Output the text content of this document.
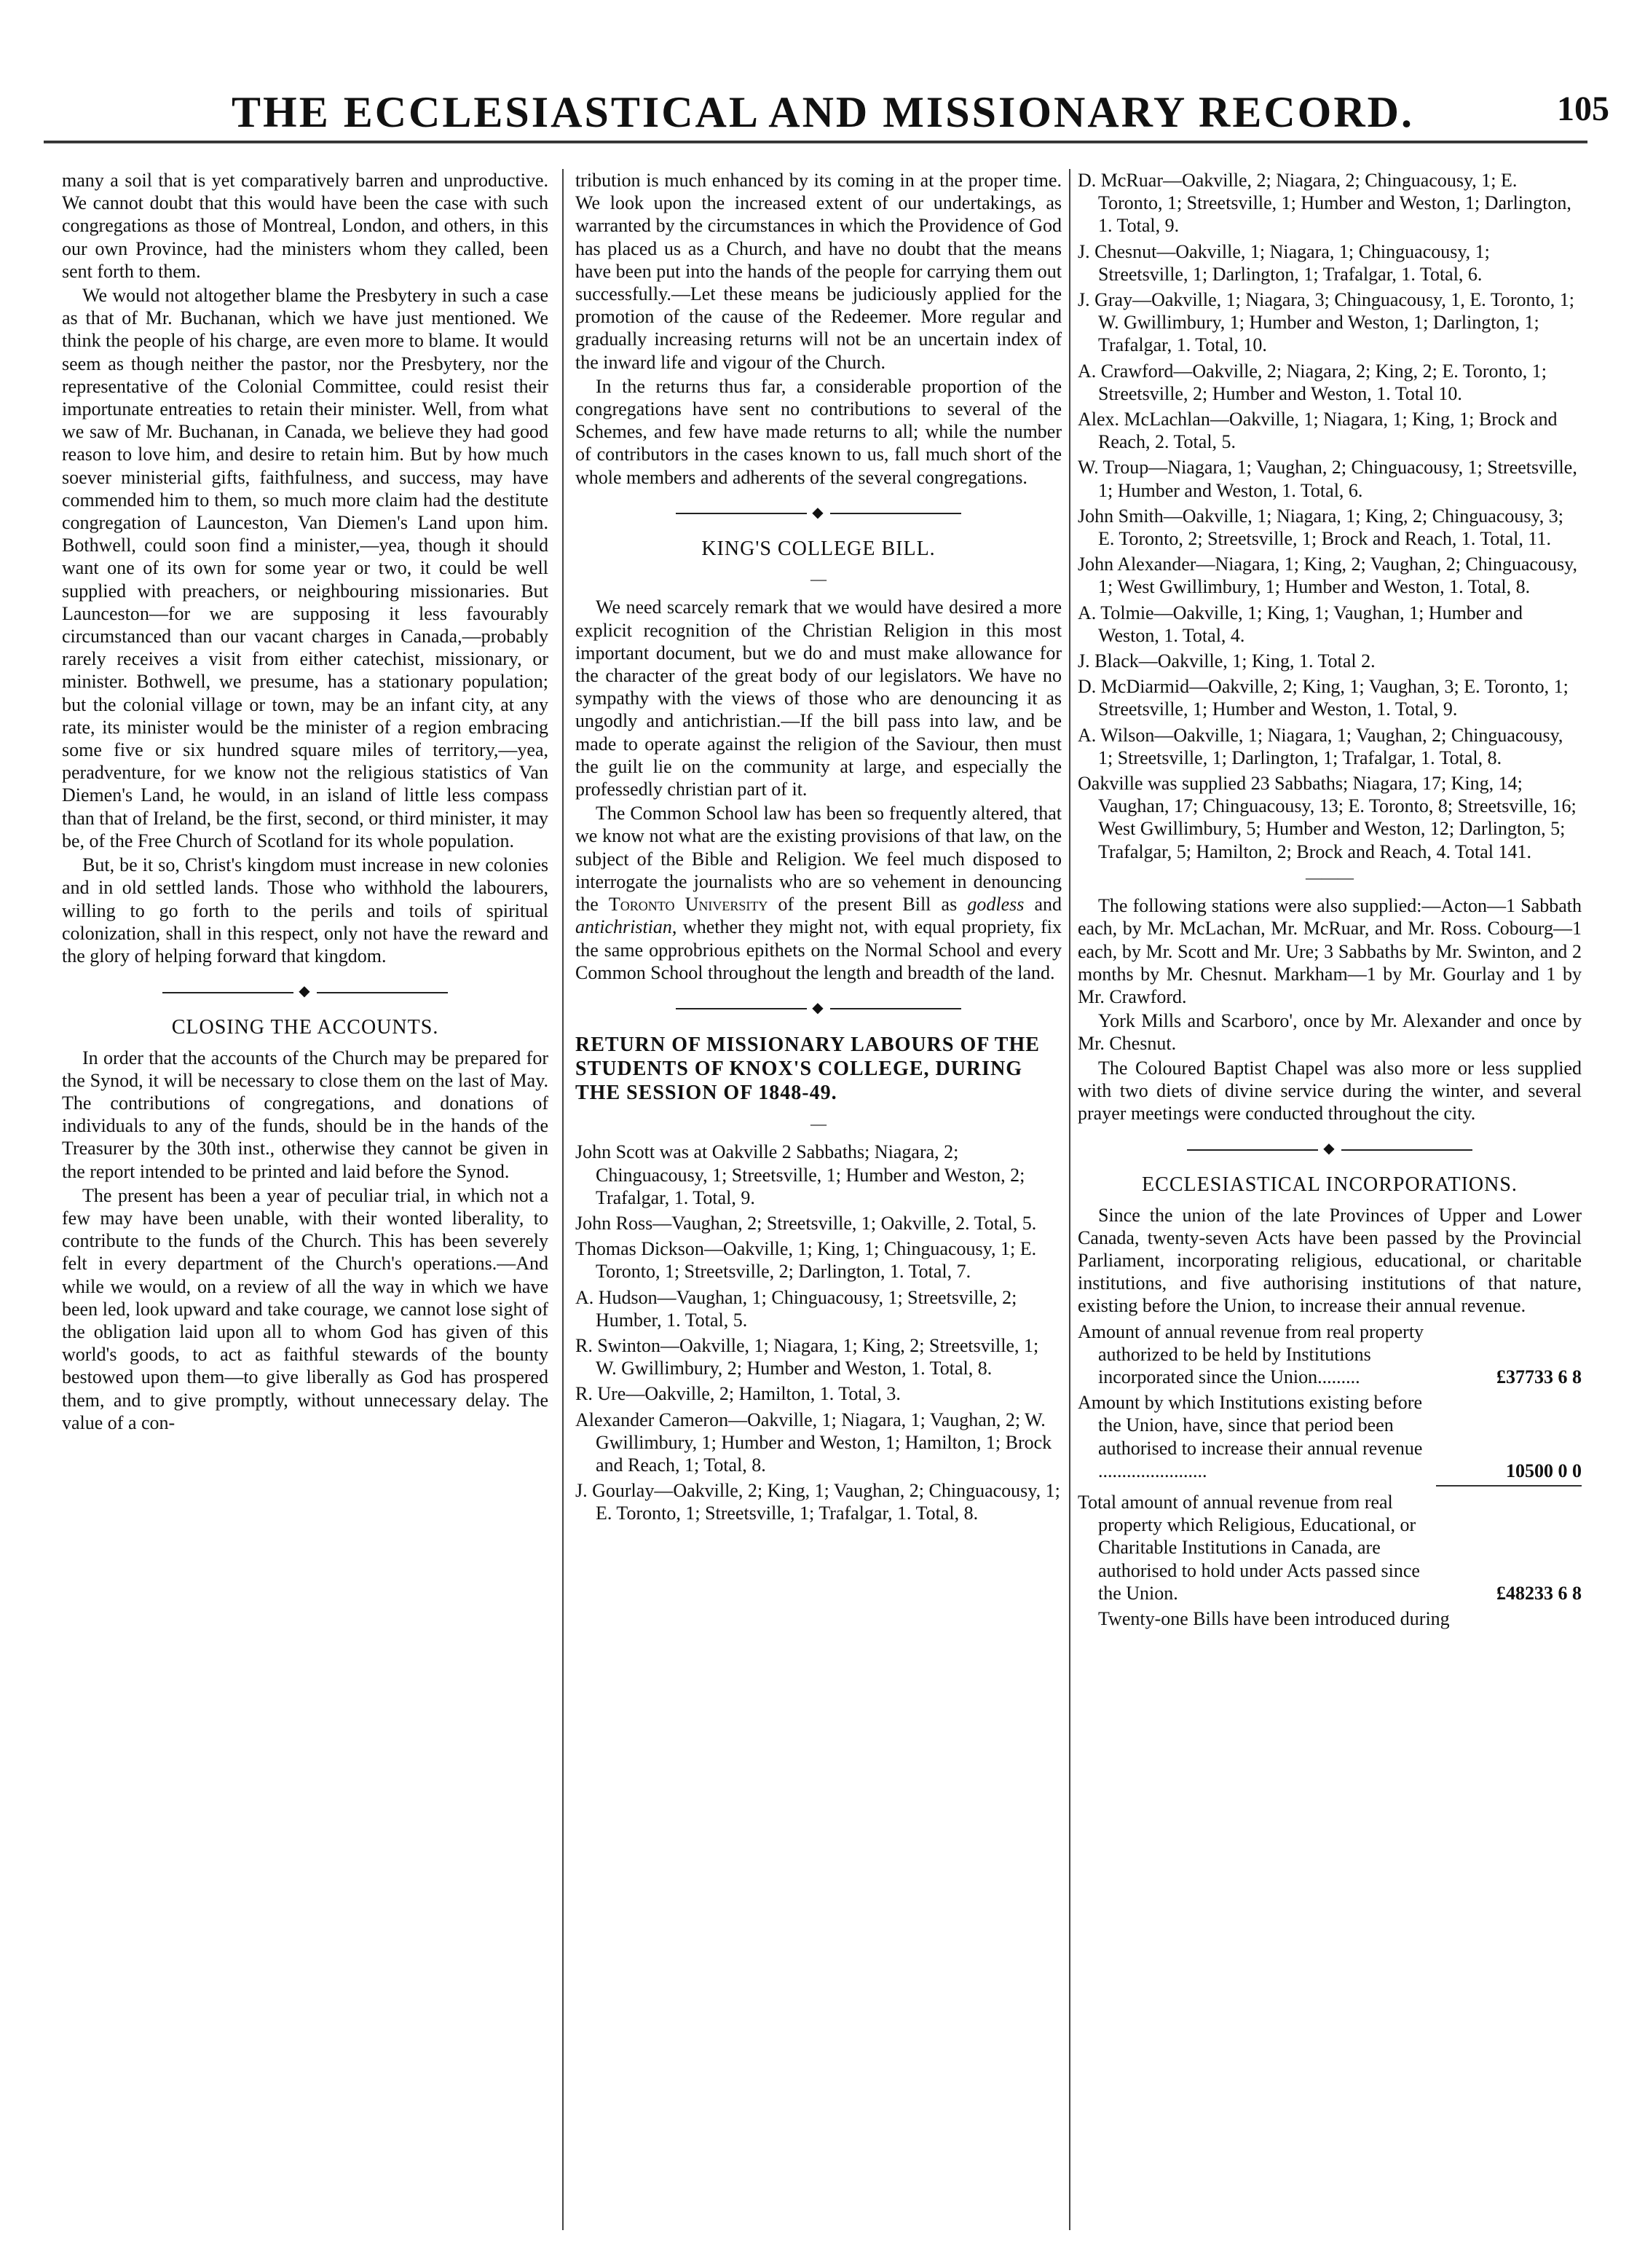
THE ECCLESIASTICAL AND MISSIONARY RECORD.	105

many a soil that is yet comparatively barren and unproductive. We cannot doubt that this would have been the case with such congregations as those of Montreal, London, and others, in this our own Province, had the ministers whom they called, been sent forth to them.

We would not altogether blame the Presbytery in such a case as that of Mr. Buchanan, which we have just mentioned. We think the people of his charge, are even more to blame. It would seem as though neither the pastor, nor the Presbytery, nor the representative of the Colonial Committee, could resist their importunate entreaties to retain their minister. Well, from what we saw of Mr. Buchanan, in Canada, we believe they had good reason to love him, and desire to retain him. But by how much soever ministerial gifts, faithfulness, and success, may have commended him to them, so much more claim had the destitute congregation of Launceston, Van Diemen's Land upon him. Bothwell, could soon find a minister,—yea, though it should want one of its own for some year or two, it could be well supplied with preachers, or neighbouring missionaries. But Launceston—for we are supposing it less favourably circumstanced than our vacant charges in Canada,—probably rarely receives a visit from either catechist, missionary, or minister. Bothwell, we presume, has a stationary population; but the colonial village or town, may be an infant city, at any rate, its minister would be the minister of a region embracing some five or six hundred square miles of territory,—yea, peradventure, for we know not the religious statistics of Van Diemen's Land, he would, in an island of little less compass than that of Ireland, be the first, second, or third minister, it may be, of the Free Church of Scotland for its whole population.

But, be it so, Christ's kingdom must increase in new colonies and in old settled lands. Those who withhold the labourers, willing to go forth to the perils and toils of spiritual colonization, shall in this respect, only not have the reward and the glory of helping forward that kingdom.

◆
CLOSING THE ACCOUNTS.

In order that the accounts of the Church may be prepared for the Synod, it will be necessary to close them on the last of May. The contributions of congregations, and donations of individuals to any of the funds, should be in the hands of the Treasurer by the 30th inst., otherwise they cannot be given in the report intended to be printed and laid before the Synod.

The present has been a year of peculiar trial, in which not a few may have been unable, with their wonted liberality, to contribute to the funds of the Church. This has been severely felt in every department of the Church's operations.—And while we would, on a review of all the way in which we have been led, look upward and take courage, we cannot lose sight of the obligation laid upon all to whom God has given of this world's goods, to act as faithful stewards of the bounty bestowed upon them—to give liberally as God has prospered them, and to give promptly, without unnecessary delay. The value of a con-

tribution is much enhanced by its coming in at the proper time. We look upon the increased extent of our undertakings, as warranted by the circumstances in which the Providence of God has placed us as a Church, and have no doubt that the means have been put into the hands of the people for carrying them out successfully.—Let these means be judiciously applied for the promotion of the cause of the Redeemer. More regular and gradually increasing returns will not be an uncertain index of the inward life and vigour of the Church.

In the returns thus far, a considerable proportion of the congregations have sent no contributions to several of the Schemes, and few have made returns to all; while the number of contributors in the cases known to us, fall much short of the whole members and adherents of the several congregations.

◆
KING'S COLLEGE BILL.
—

We need scarcely remark that we would have desired a more explicit recognition of the Christian Religion in this most important document, but we do and must make allowance for the character of the great body of our legislators. We have no sympathy with the views of those who are denouncing it as ungodly and antichristian.—If the bill pass into law, and be made to operate against the religion of the Saviour, then must the guilt lie on the community at large, and especially the professedly christian part of it.

The Common School law has been so frequently altered, that we know not what are the existing provisions of that law, on the subject of the Bible and Religion. We feel much disposed to interrogate the journalists who are so vehement in denouncing the Toronto University of the present Bill as godless and antichristian, whether they might not, with equal propriety, fix the same opprobrious epithets on the Normal School and every Common School throughout the length and breadth of the land.

◆
RETURN OF MISSIONARY LABOURS OF THE STUDENTS OF KNOX'S COLLEGE, DURING THE SESSION OF 1848-49.
—
John Scott was at Oakville 2 Sabbaths; Niagara, 2; Chinguacousy, 1; Streetsville, 1; Humber and Weston, 2; Trafalgar, 1. Total, 9.
John Ross—Vaughan, 2; Streetsville, 1; Oakville, 2. Total, 5.
Thomas Dickson—Oakville, 1; King, 1; Chinguacousy, 1; E. Toronto, 1; Streetsville, 2; Darlington, 1. Total, 7.
A. Hudson—Vaughan, 1; Chinguacousy, 1; Streetsville, 2; Humber, 1. Total, 5.
R. Swinton—Oakville, 1; Niagara, 1; King, 2; Streetsville, 1; W. Gwillimbury, 2; Humber and Weston, 1. Total, 8.
R. Ure—Oakville, 2; Hamilton, 1. Total, 3.
Alexander Cameron—Oakville, 1; Niagara, 1; Vaughan, 2; W. Gwillimbury, 1; Humber and Weston, 1; Hamilton, 1; Brock and Reach, 1; Total, 8.
J. Gourlay—Oakville, 2; King, 1; Vaughan, 2; Chinguacousy, 1; E. Toronto, 1; Streetsville, 1; Trafalgar, 1. Total, 8.
D. McRuar—Oakville, 2; Niagara, 2; Chinguacousy, 1; E. Toronto, 1; Streetsville, 1; Humber and Weston, 1; Darlington, 1. Total, 9.
J. Chesnut—Oakville, 1; Niagara, 1; Chinguacousy, 1; Streetsville, 1; Darlington, 1; Trafalgar, 1. Total, 6.
J. Gray—Oakville, 1; Niagara, 3; Chinguacousy, 1, E. Toronto, 1; W. Gwillimbury, 1; Humber and Weston, 1; Darlington, 1; Trafalgar, 1. Total, 10.
A. Crawford—Oakville, 2; Niagara, 2; King, 2; E. Toronto, 1; Streetsville, 2; Humber and Weston, 1. Total 10.
Alex. McLachlan—Oakville, 1; Niagara, 1; King, 1; Brock and Reach, 2. Total, 5.
W. Troup—Niagara, 1; Vaughan, 2; Chinguacousy, 1; Streetsville, 1; Humber and Weston, 1. Total, 6.
John Smith—Oakville, 1; Niagara, 1; King, 2; Chinguacousy, 3; E. Toronto, 2; Streetsville, 1; Brock and Reach, 1. Total, 11.
John Alexander—Niagara, 1; King, 2; Vaughan, 2; Chinguacousy, 1; West Gwillimbury, 1; Humber and Weston, 1. Total, 8.
A. Tolmie—Oakville, 1; King, 1; Vaughan, 1; Humber and Weston, 1. Total, 4.
J. Black—Oakville, 1; King, 1. Total 2.
D. McDiarmid—Oakville, 2; King, 1; Vaughan, 3; E. Toronto, 1; Streetsville, 1; Humber and Weston, 1. Total, 9.
A. Wilson—Oakville, 1; Niagara, 1; Vaughan, 2; Chinguacousy, 1; Streetsville, 1; Darlington, 1; Trafalgar, 1. Total, 8.
Oakville was supplied 23 Sabbaths; Niagara, 17; King, 14; Vaughan, 17; Chinguacousy, 13; E. Toronto, 8; Streetsville, 16; West Gwillimbury, 5; Humber and Weston, 12; Darlington, 5; Trafalgar, 5; Hamilton, 2; Brock and Reach, 4. Total 141.
———

The following stations were also supplied:—Acton—1 Sabbath each, by Mr. McLachan, Mr. McRuar, and Mr. Ross. Cobourg—1 each, by Mr. Scott and Mr. Ure; 3 Sabbaths by Mr. Swinton, and 2 months by Mr. Chesnut. Markham—1 by Mr. Gourlay and 1 by Mr. Crawford.

York Mills and Scarboro', once by Mr. Alexander and once by Mr. Chesnut.

The Coloured Baptist Chapel was also more or less supplied with two diets of divine service during the winter, and several prayer meetings were conducted throughout the city.

◆
ECCLESIASTICAL INCORPORATIONS.

Since the union of the late Provinces of Upper and Lower Canada, twenty-seven Acts have been passed by the Provincial Parliament, incorporating religious, educational, or charitable institutions, and five authorising institutions of that nature, existing before the Union, to increase their annual revenue.

Amount of annual revenue from real property authorized to be held by Institutions incorporated since the Union.........	£37733 6 8
Amount by which Institutions existing before the Union, have, since that period been authorised to increase their annual revenue .......................	10500 0 0
Total amount of annual revenue from real property which Religious, Educational, or Charitable Institutions in Canada, are authorised to hold under Acts passed since the Union.	£48233 6 8

Twenty-one Bills have been introduced during
